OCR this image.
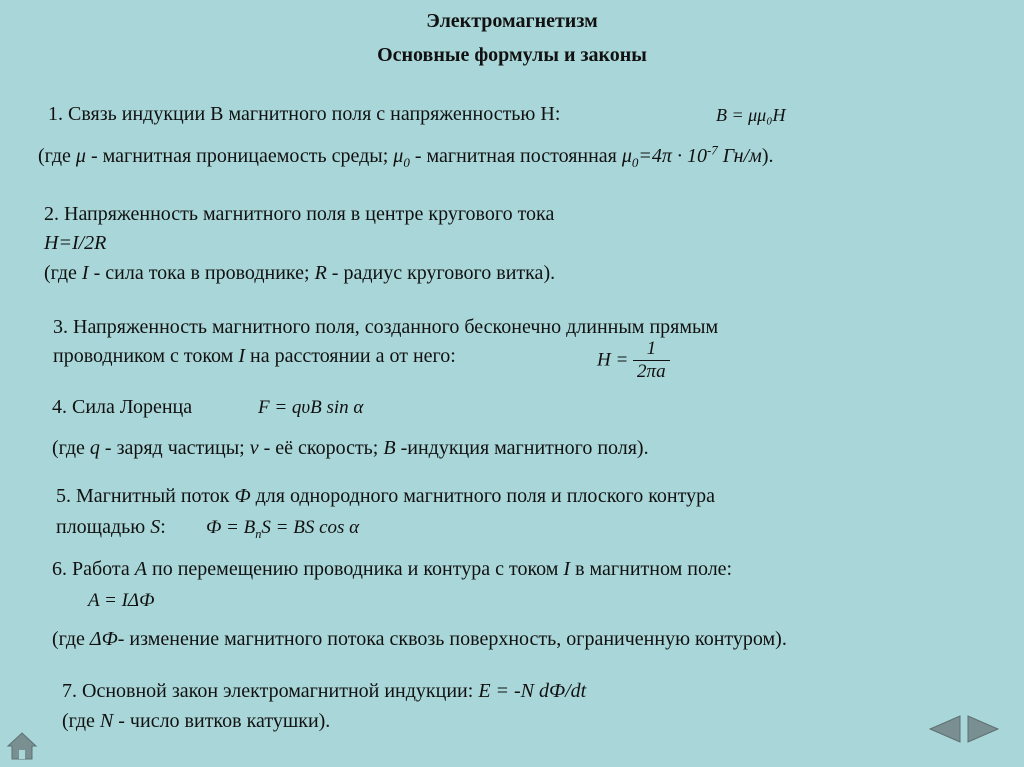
Электромагнетизм
Основные формулы и законы
1. Связь индукции В магнитного поля с напряженностью Н:	B = μμ₀H
(где μ - магнитная проницаемость среды; $\mu_0$ - магнитная постоянная $\mu_0=4\pi \cdot 10^{-7}$ Гн/м).
2. Напряженность магнитного поля в центре кругового тока
H=I/2R
(где I - сила тока в проводнике; R - радиус кругового витка).
3. Напряженность магнитного поля, созданного бесконечно длинным прямым
проводником с током I на расстоянии а от него:	$H = \frac{1}{2\pi a}$
4. Сила Лоренца	F = qυB sin α
(где q - заряд частицы; v - её скорость; B -индукция магнитного поля).
5. Магнитный поток Ф для однородного магнитного поля и плоского контура
площадью S: $Ф = B_nS$ = BS cos α
6. Работа А по перемещению проводника и контура с током I в магнитном поле:
A = IΔФ
(где ΔФ- изменение магнитного потока сквозь поверхность, ограниченную контуром).
7. Основной закон электромагнитной индукции: E = -N dФ/dt
(где N - число витков катушки).
